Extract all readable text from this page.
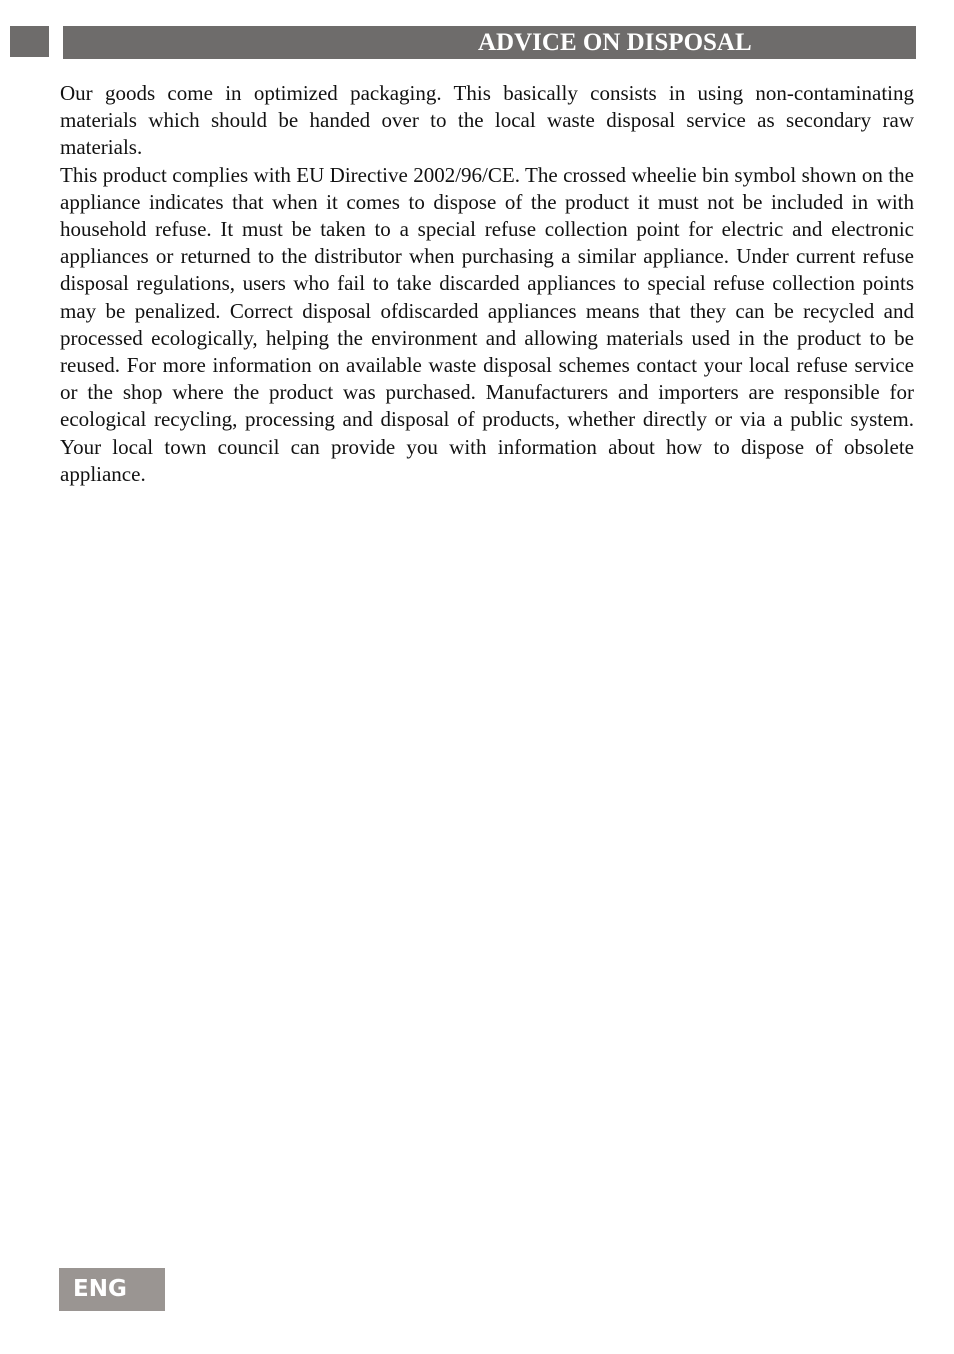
ADVICE ON DISPOSAL

Our goods come in optimized packaging. This basically consists in using non-contaminating materials which should be handed over to the local waste disposal service as secondary raw materials.

This product complies with EU Directive 2002/96/CE. The crossed wheelie bin symbol shown on the appliance indicates that when it comes to dispose of the product it must not be included in with household refuse. It must be taken to a special refuse collection point for electric and electronic appliances or returned to the distributor when purchasing a similar appliance. Under current refuse disposal regulations, users who fail to take discarded appliances to special refuse collection points may be penalized. Correct disposal ofdiscarded appliances means that they can be recycled and processed ecologically, helping the environment and allowing materials used in the product to be reused. For more information on available waste disposal schemes contact your local refuse service or the shop where the product was purchased. Manufacturers and importers are responsible for ecological recycling, processing and disposal of products, whether directly or via a public system. Your local town council can provide you with information about how to dispose of obsolete appliance.

ENG
